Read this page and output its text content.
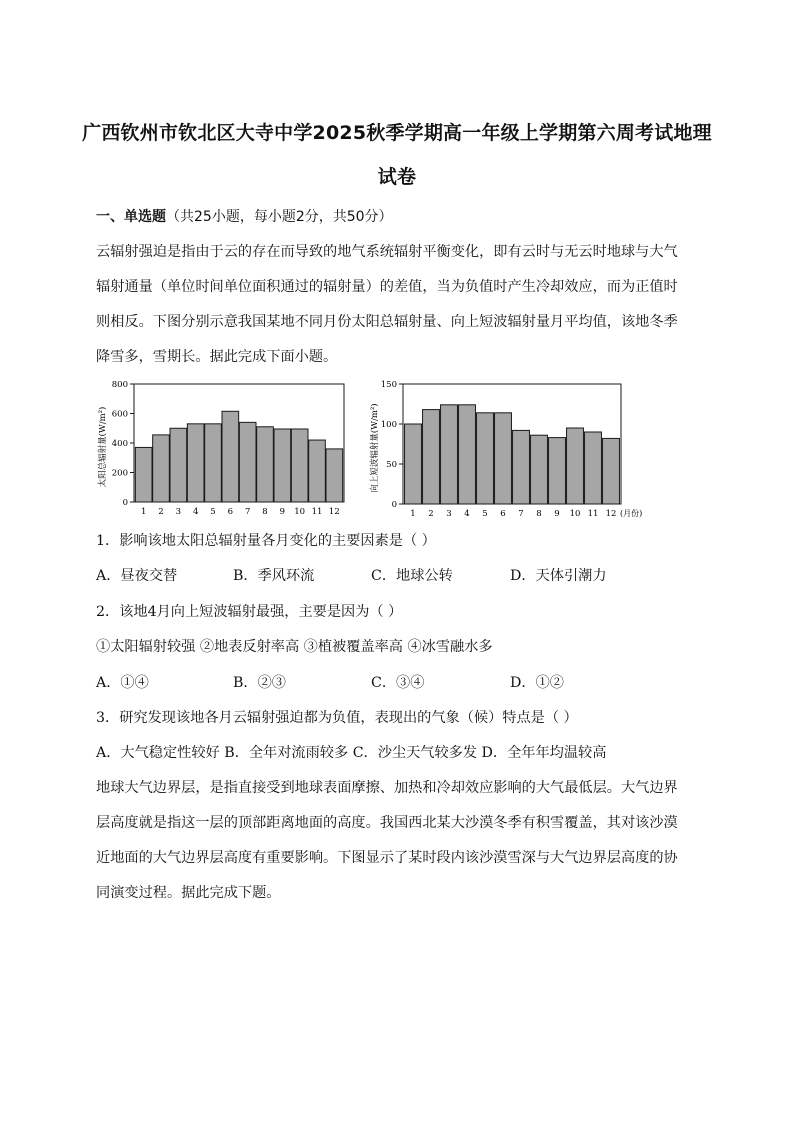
广西钦州市钦北区大寺中学2025秋季学期高一年级上学期第六周考试地理
试卷
一、单选题（共25小题，每小题2分，共50分）
云辐射强迫是指由于云的存在而导致的地气系统辐射平衡变化，即有云时与无云时地球与大气
辐射通量（单位时间单位面积通过的辐射量）的差值，当为负值时产生冷却效应，而为正值时
则相反。下图分别示意我国某地不同月份太阳总辐射量、向上短波辐射量月平均值，该地冬季
降雪多，雪期长。据此完成下面小题。
太阳总辐射量(W/m²)
0
200
400
600
800
1 2 3 4 5 6 7 8 9 10 11 12
向上短波辐射量(W/m²)
0
50
100
150
1 2 3 4 5 6 7 8 9 10 11 12 (月份)
1．影响该地太阳总辐射量各月变化的主要因素是（ ）
A．昼夜交替	B．季风环流	C．地球公转	D．天体引潮力
2．该地4月向上短波辐射最强，主要是因为（ ）
①太阳辐射较强 ②地表反射率高 ③植被覆盖率高 ④冰雪融水多
A．①④	B．②③	C．③④	D．①②
3．研究发现该地各月云辐射强迫都为负值，表现出的气象（候）特点是（ ）
A．大气稳定性较好 B．全年对流雨较多 C．沙尘天气较多发 D．全年年均温较高
地球大气边界层，是指直接受到地球表面摩擦、加热和冷却效应影响的大气最低层。大气边界
层高度就是指这一层的顶部距离地面的高度。我国西北某大沙漠冬季有积雪覆盖，其对该沙漠
近地面的大气边界层高度有重要影响。下图显示了某时段内该沙漠雪深与大气边界层高度的协
同演变过程。据此完成下题。
